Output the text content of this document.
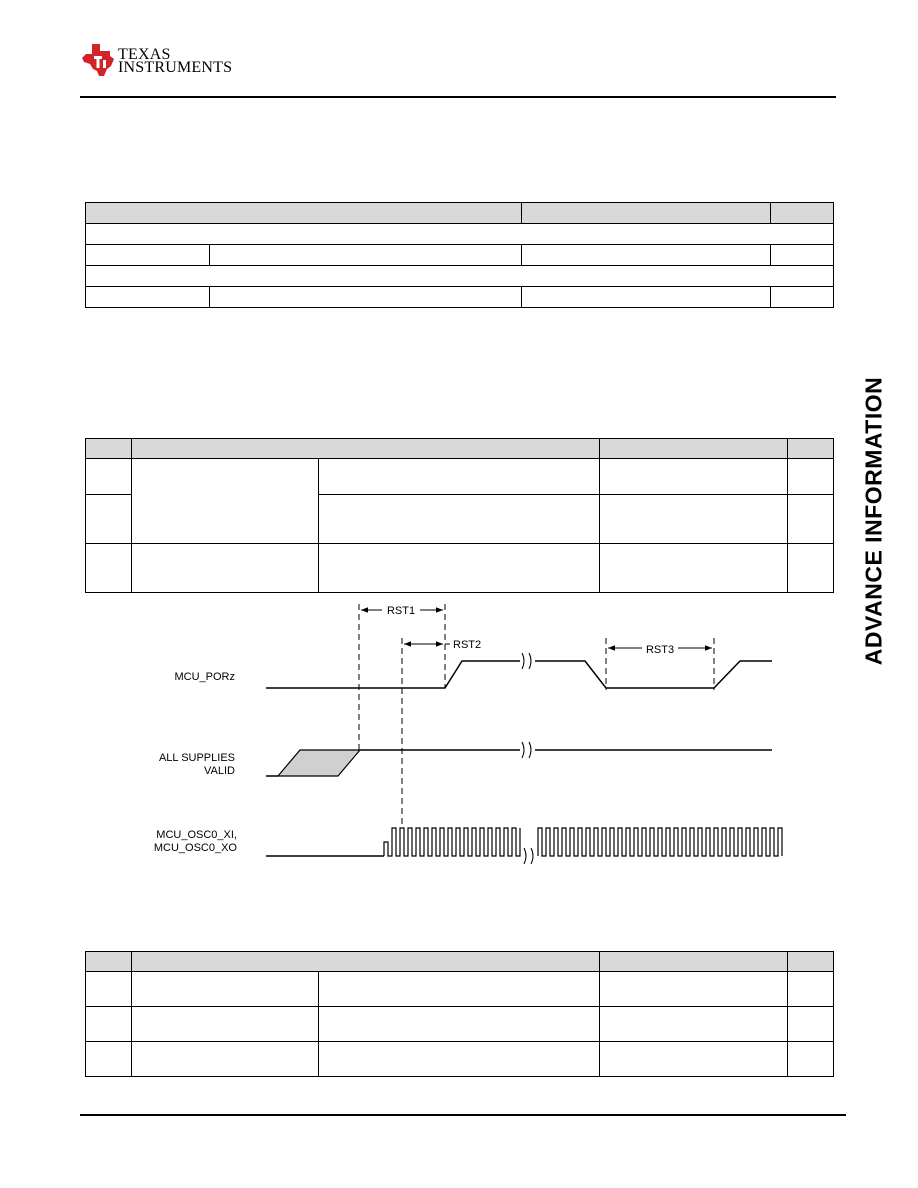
TEXAS
INSTRUMENTS
ADVANCE INFORMATION

MCU_PORz
ALL SUPPLIES
VALID
MCU_OSC0_XI,
MCU_OSC0_XO
RST1
RST2	RST3
